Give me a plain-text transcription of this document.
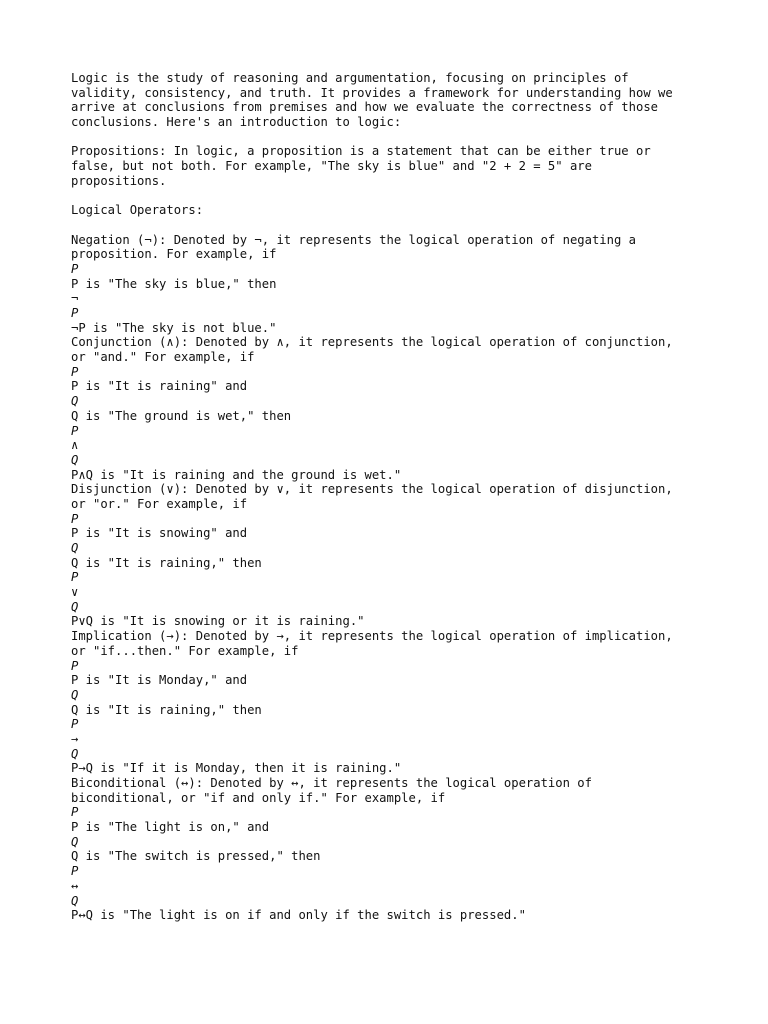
Logic is the study of reasoning and argumentation, focusing on principles of
validity, consistency, and truth. It provides a framework for understanding how we
arrive at conclusions from premises and how we evaluate the correctness of those
conclusions. Here's an introduction to logic:
Propositions: In logic, a proposition is a statement that can be either true or
false, but not both. For example, "The sky is blue" and "2 + 2 = 5" are
propositions.
Logical Operators:
Negation (¬): Denoted by ¬, it represents the logical operation of negating a
proposition. For example, if
P
P is "The sky is blue," then
¬
P
¬P is "The sky is not blue."
Conjunction (∧): Denoted by ∧, it represents the logical operation of conjunction,
or "and." For example, if
P
P is "It is raining" and
Q
Q is "The ground is wet," then
P
∧
Q
P∧Q is "It is raining and the ground is wet."
Disjunction (∨): Denoted by ∨, it represents the logical operation of disjunction,
or "or." For example, if
P
P is "It is snowing" and
Q
Q is "It is raining," then
P
∨
Q
P∨Q is "It is snowing or it is raining."
Implication (→): Denoted by →, it represents the logical operation of implication,
or "if...then." For example, if
P
P is "It is Monday," and
Q
Q is "It is raining," then
P
→
Q
P→Q is "If it is Monday, then it is raining."
Biconditional (↔): Denoted by ↔, it represents the logical operation of
biconditional, or "if and only if." For example, if
P
P is "The light is on," and
Q
Q is "The switch is pressed," then
P
↔
Q
P↔Q is "The light is on if and only if the switch is pressed."
